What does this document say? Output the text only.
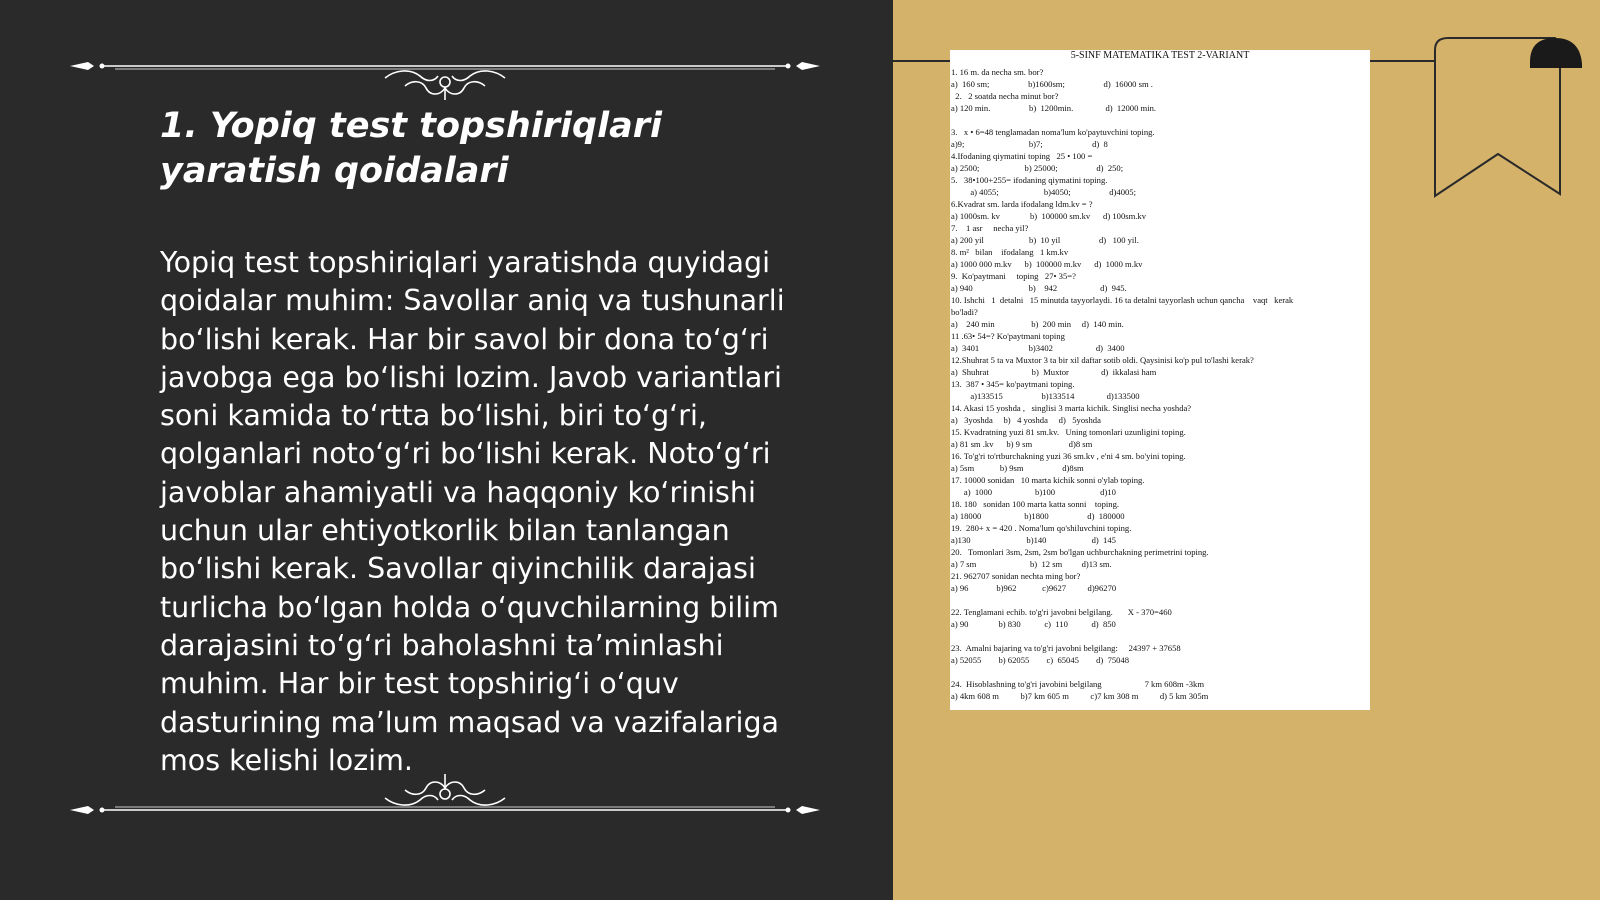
1. Yopiq test topshiriqlari yaratish qoidalari

Yopiq test topshiriqlari yaratishda quyidagi qoidalar muhim: Savollar aniq va tushunarli bo‘lishi kerak. Har bir savol bir dona to‘g‘ri javobga ega bo‘lishi lozim. Javob variantlari soni kamida to‘rtta bo‘lishi, biri to‘g‘ri, qolganlari noto‘g‘ri bo‘lishi kerak. Noto‘g‘ri javoblar ahamiyatli va haqqoniy ko‘rinishi uchun ular ehtiyotkorlik bilan tanlangan bo‘lishi kerak. Savollar qiyinchilik darajasi turlicha bo‘lgan holda o‘quvchilarning bilim darajasini to‘g‘ri baholashni ta’minlashi muhim. Har bir test topshirig‘i o‘quv dasturining ma’lum maqsad va vazifalariga mos kelishi lozim.

5-SINF MATEMATIKA TEST 2-VARIANT
1. 16 m. da necha sm. bor?
a)  160 sm;                  b)1600sm;                  d)  16000 sm .
2.   2 soatda necha minut bor?
a) 120 min.                  b)  1200min.               d)  12000 min.
3.   x • 6=48 tenglamadan noma'lum ko'paytuvchini toping.
a)9;                              b)7;                       d)  8
4.Ifodaning qiymatini toping   25 • 100 =
a) 2500;                     b) 25000;                  d)  250;
5.   38•100+255= ifodaning qiymatini toping.
a) 4055;                     b)4050;                  d)4005;
6.Kvadrat sm. larda ifodalang ldm.kv = ?
a) 1000sm. kv              b)  100000 sm.kv      d) 100sm.kv
7.    1 asr     necha yil?
a) 200 yil                     b)  10 yil                  d)   100 yil.
8. m²   bilan    ifodalang   1 km.kv
a) 1000 000 m.kv      b)  100000 m.kv      d)  1000 m.kv
9.  Ko'paytmani     toping   27• 35=?
a) 940                          b)    942                    d)  945.
10. Ishchi   1  detalni   15 minutda tayyorlaydi. 16 ta detalni tayyorlash uchun qancha    vaqt   kerak
bo'ladi?
a)    240 min                 b)  200 min     d)  140 min.
11 .63• 54=? Ko'paytmani toping
a)  3401                       b)3402                    d)  3400
12.Shuhrat 5 ta va Muxtor 3 ta bir xil daftar sotib oldi. Qaysinisi ko'p pul to'lashi kerak?
a)  Shuhrat                    b)  Muxtor               d)  ikkalasi ham
13.  387 • 345= ko'paytmani toping.
a)133515                  b)133514               d)133500
14. Akasi 15 yoshda ,   singlisi 3 marta kichik. Singlisi necha yoshda?
a)   3yoshda     b)   4 yoshda     d)   5yoshda
15. Kvadratning yuzi 81 sm.kv.   Uning tomonlari uzunligini toping.
a) 81 sm .kv      b) 9 sm                 d)8 sm
16. To'g'ri to'rtburchakning yuzi 36 sm.kv , e'ni 4 sm. bo'yini toping.
a) 5sm            b) 9sm                  d)8sm
17. 10000 sonidan   10 marta kichik sonni o'ylab toping.
a)  1000                    b)100                     d)10
18. 180   sonidan 100 marta katta sonni    toping.
a) 18000                    b)1800                  d)  180000
19.  280+ x = 420 . Noma'lum qo'shiluvchini toping.
a)130                          b)140                     d)  145
20.   Tomonlari 3sm, 2sm, 2sm bo'lgan uchburchakning perimetrini toping.
a) 7 sm                         b)  12 sm         d)13 sm.
21. 962707 sonidan nechta ming bor?
a) 96             b)962            c)9627          d)96270
22. Tenglamani echib. to'g'ri javobni belgilang.       X - 370=460
a) 90              b) 830           c)  110           d)  850
23.  Amalni bajaring va to'g'ri javobni belgilang:     24397 + 37658
a) 52055        b) 62055        c)  65045        d)  75048
24.  Hisoblashning to'g'ri javobini belgilang                    7 km 608m -3km
a) 4km 608 m          b)7 km 605 m          c)7 km 308 m          d) 5 km 305m
